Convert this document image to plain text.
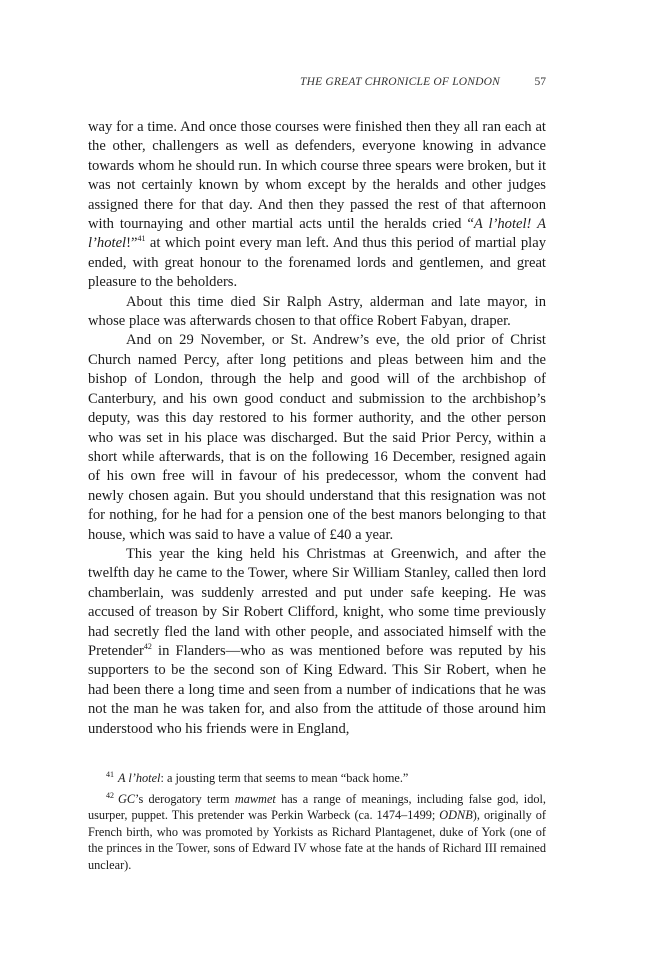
THE GREAT CHRONICLE OF LONDON	57

way for a time. And once those courses were finished then they all ran each at the other, challengers as well as defenders, everyone knowing in advance towards whom he should run. In which course three spears were broken, but it was not certainly known by whom except by the heralds and other judges assigned there for that day. And then they passed the rest of that afternoon with tournaying and other martial acts until the heralds cried “A l’hotel! A l’hotel!”$^{41}$ at which point every man left. And thus this period of martial play ended, with great honour to the forenamed lords and gentlemen, and great pleasure to the beholders.

About this time died Sir Ralph Astry, alderman and late mayor, in whose place was afterwards chosen to that office Robert Fabyan, draper.

And on 29 November, or St. Andrew’s eve, the old prior of Christ Church named Percy, after long petitions and pleas between him and the bishop of London, through the help and good will of the archbishop of Canterbury, and his own good conduct and submission to the archbishop’s deputy, was this day restored to his former authority, and the other person who was set in his place was discharged. But the said Prior Percy, within a short while afterwards, that is on the following 16 December, resigned again of his own free will in favour of his predecessor, whom the convent had newly chosen again. But you should understand that this resignation was not for nothing, for he had for a pension one of the best manors belonging to that house, which was said to have a value of £40 a year.

This year the king held his Christmas at Greenwich, and after the twelfth day he came to the Tower, where Sir William Stanley, called then lord chamberlain, was suddenly arrested and put under safe keeping. He was accused of treason by Sir Robert Clifford, knight, who some time previously had secretly fled the land with other people, and associated himself with the Pretender$^{42}$ in Flanders—who as was mentioned before was reputed by his supporters to be the second son of King Edward. This Sir Robert, when he had been there a long time and seen from a number of indications that he was not the man he was taken for, and also from the attitude of those around him understood who his friends were in England,

$^{41}$ A l’hotel: a jousting term that seems to mean “back home.”

$^{42}$ GC’s derogatory term mawmet has a range of meanings, including false god, idol, usurper, puppet. This pretender was Perkin Warbeck (ca. 1474–1499; ODNB), originally of French birth, who was promoted by Yorkists as Richard Plantagenet, duke of York (one of the princes in the Tower, sons of Edward IV whose fate at the hands of Richard III remained unclear).
